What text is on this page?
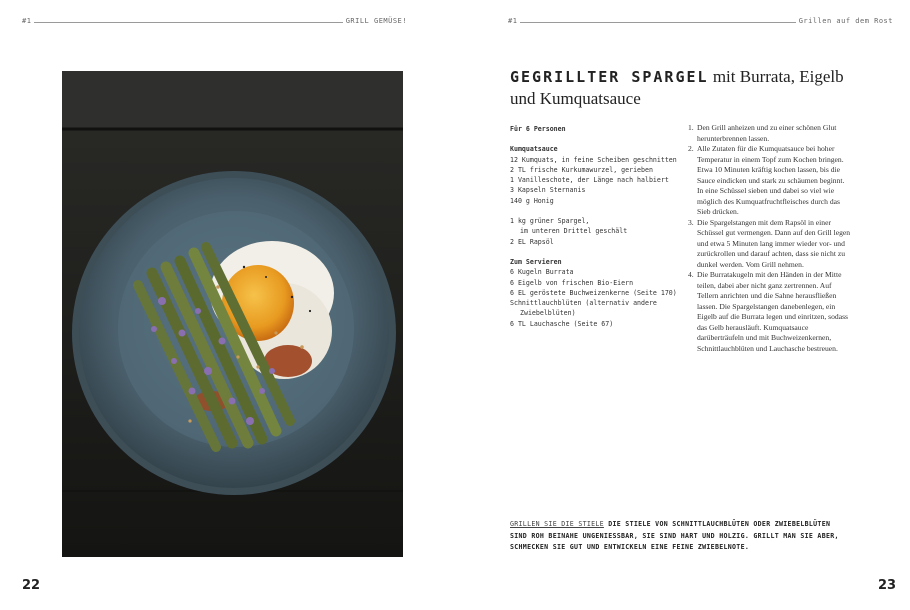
#1	GRILL GEMÜSE!
22
#1	Grillen auf dem Rost
GEGRILLTER SPARGEL mit Burrata, Eigelb und Kumquatsauce
Für 6 Personen
Kumquatsauce
12 Kumquats, in feine Scheiben geschnitten
2 TL frische Kurkumawurzel, gerieben
1 Vanilleschote, der Länge nach halbiert
3 Kapseln Sternanis
140 g Honig
1 kg grüner Spargel,
im unteren Drittel geschält
2 EL Rapsöl
Zum Servieren
6 Kugeln Burrata
6 Eigelb von frischen Bio-Eiern
6 EL geröstete Buchweizenkerne (Seite 170)
Schnittlauchblüten (alternativ andere
Zwiebelblüten)
6 TL Lauchasche (Seite 67)
1. Den Grill anheizen und zu einer schönen Glut herunterbrennen lassen.
2. Alle Zutaten für die Kumquatsauce bei hoher Temperatur in einem Topf zum Kochen bringen. Etwa 10 Minuten kräftig kochen lassen, bis die Sauce eindicken und stark zu schäumen beginnt. In eine Schüssel sieben und dabei so viel wie möglich des Kumquatfruchtfleisches durch das Sieb drücken.
3. Die Spargelstangen mit dem Rapsöl in einer Schüssel gut vermengen. Dann auf den Grill legen und etwa 5 Minuten lang immer wieder vor- und zurückrollen und darauf achten, dass sie nicht zu dunkel werden. Vom Grill nehmen.
4. Die Burratakugeln mit den Händen in der Mitte teilen, dabei aber nicht ganz zertrennen. Auf Tellern anrichten und die Sahne herausfließen lassen. Die Spargelstangen danebenlegen, ein Eigelb auf die Burrata legen und einritzen, sodass das Gelb herausläuft. Kumquatsauce darüberträufeln und mit Buchweizenkernen, Schnittlauchblüten und Lauchasche bestreuen.
GRILLEN SIE DIE STIELE DIE STIELE VON SCHNITTLAUCHBLÜTEN ODER ZWIEBELBLÜTEN SIND ROH BEINAHE UNGENIESSBAR, SIE SIND HART UND HOLZIG. GRILLT MAN SIE ABER, SCHMECKEN SIE GUT UND ENTWICKELN EINE FEINE ZWIEBELNOTE.
23
